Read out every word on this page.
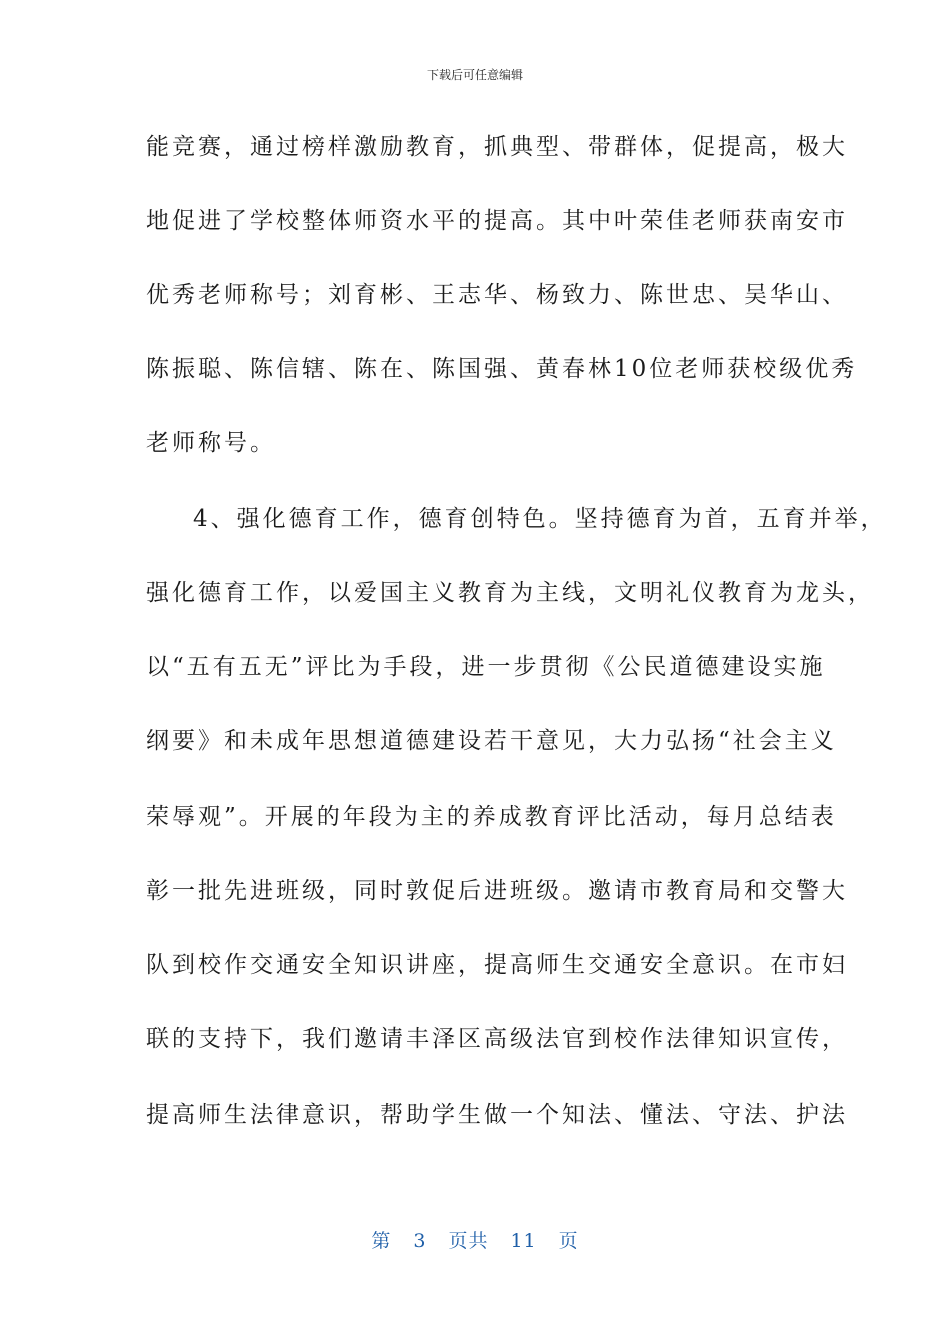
下载后可任意编辑
能竞赛，通过榜样激励教育，抓典型、带群体，促提高，极大
地促进了学校整体师资水平的提高。其中叶荣佳老师获南安市
优秀老师称号；刘育彬、王志华、杨致力、陈世忠、吴华山、
陈振聪、陈信辖、陈在、陈国强、黄春林10位老师获校级优秀
老师称号。
4、强化德育工作，德育创特色。坚持德育为首，五育并举，
强化德育工作，以爱国主义教育为主线，文明礼仪教育为龙头，
以“五有五无”评比为手段，进一步贯彻《公民道德建设实施
纲要》和未成年思想道德建设若干意见，大力弘扬“社会主义
荣辱观”。开展的年段为主的养成教育评比活动，每月总结表
彰一批先进班级，同时敦促后进班级。邀请市教育局和交警大
队到校作交通安全知识讲座，提高师生交通安全意识。在市妇
联的支持下，我们邀请丰泽区高级法官到校作法律知识宣传，
提高师生法律意识，帮助学生做一个知法、懂法、守法、护法
第 3 页共 11 页
